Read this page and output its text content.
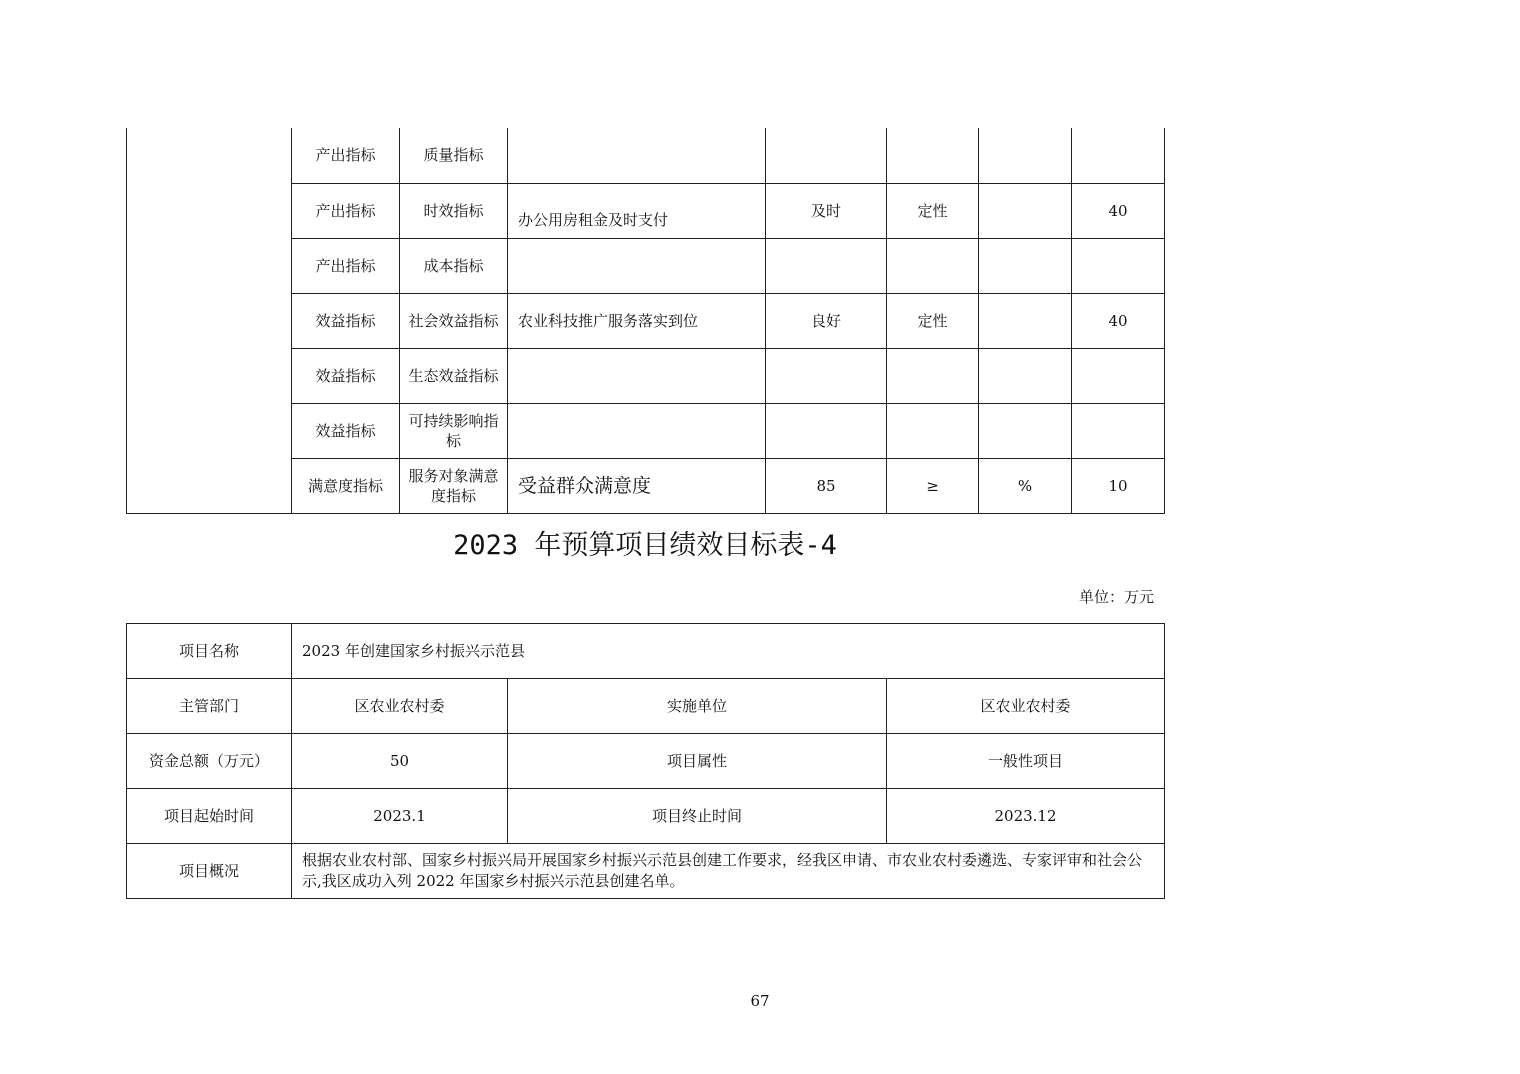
	产出指标	质量指标					
	产出指标	时效指标	办公用房租金及时支付	及时	定性		40
	产出指标	成本指标					
	效益指标	社会效益指标	农业科技推广服务落实到位	良好	定性		40
	效益指标	生态效益指标					
	效益指标	可持续影响指标					
	满意度指标	服务对象满意度指标	受益群众满意度	85	≥	%	10
2023 年预算项目绩效目标表-4
单位：万元
项目名称	2023 年创建国家乡村振兴示范县		
主管部门	区农业农村委	实施单位	区农业农村委
资金总额（万元）	50	项目属性	一般性项目
项目起始时间	2023.1	项目终止时间	2023.12
项目概况	根据农业农村部、国家乡村振兴局开展国家乡村振兴示范县创建工作要求，经我区申请、市农业农村委遴选、专家评审和社会公示,我区成功入列 2022 年国家乡村振兴示范县创建名单。		
67
